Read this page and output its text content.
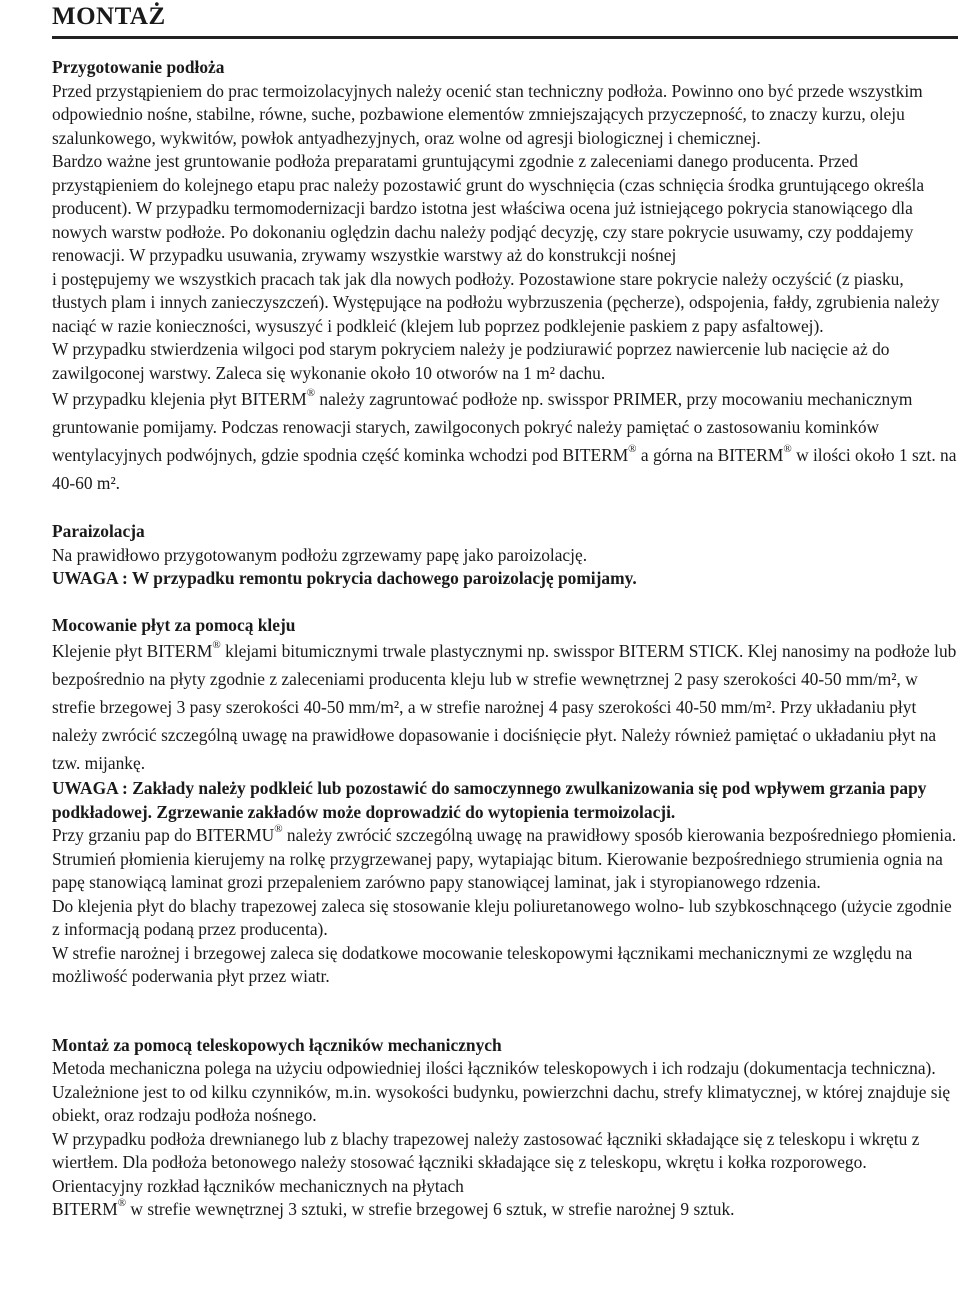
MONTAŻ
Przygotowanie podłoża

Przed przystąpieniem do prac termoizolacyjnych należy ocenić stan techniczny podłoża. Powinno ono być przede wszystkim odpowiednio nośne, stabilne, równe, suche, pozbawione elementów zmniejszających przyczepność, to znaczy kurzu, oleju szalunkowego, wykwitów, powłok antyadhezyjnych, oraz wolne od agresji biologicznej i chemicznej.

Bardzo ważne jest gruntowanie podłoża preparatami gruntującymi zgodnie z zaleceniami danego producenta. Przed przystąpieniem do kolejnego etapu prac należy pozostawić grunt do wyschnięcia (czas schnięcia środka gruntującego określa producent). W przypadku termomodernizacji bardzo istotna jest właściwa ocena już istniejącego pokrycia stanowiącego dla nowych warstw podłoże. Po dokonaniu oględzin dachu należy podjąć decyzję, czy stare pokrycie usuwamy, czy poddajemy renowacji. W przypadku usuwania, zrywamy wszystkie warstwy aż do konstrukcji nośnej

i postępujemy we wszystkich pracach tak jak dla nowych podłoży. Pozostawione stare pokrycie należy oczyścić (z piasku, tłustych plam i innych zanieczyszczeń). Występujące na podłożu wybrzuszenia (pęcherze), odspojenia, fałdy, zgrubienia należy naciąć w razie konieczności, wysuszyć i podkleić (klejem lub poprzez podklejenie paskiem z papy asfaltowej).

W przypadku stwierdzenia wilgoci pod starym pokryciem należy je podziurawić poprzez nawiercenie lub nacięcie aż do zawilgoconej warstwy. Zaleca się wykonanie około 10 otworów na 1 m² dachu.

W przypadku klejenia płyt BITERM® należy zagruntować podłoże np. swisspor PRIMER, przy mocowaniu mechanicznym gruntowanie pomijamy. Podczas renowacji starych, zawilgoconych pokryć należy pamiętać o zastosowaniu kominków wentylacyjnych podwójnych, gdzie spodnia część kominka wchodzi pod BITERM® a górna na BITERM® w ilości około 1 szt. na 40‑60 m².

Paraizolacja

Na prawidłowo przygotowanym podłożu zgrzewamy papę jako paroizolację.

UWAGA : W przypadku remontu pokrycia dachowego paroizolację pomijamy.

Mocowanie płyt za pomocą kleju

Klejenie płyt BITERM® klejami bitumicznymi trwale plastycznymi np. swisspor BITERM STICK. Klej nanosimy na podłoże lub bezpośrednio na płyty zgodnie z zaleceniami producenta kleju lub w strefie wewnętrznej 2 pasy szerokości 40‑50 mm/m², w strefie brzegowej 3 pasy szerokości 40‑50 mm/m², a w strefie narożnej 4 pasy szerokości 40‑50 mm/m². Przy układaniu płyt należy zwrócić szczególną uwagę na prawidłowe dopasowanie i dociśnięcie płyt. Należy również pamiętać o układaniu płyt na tzw. mijankę.

UWAGA : Zakłady należy podkleić lub pozostawić do samoczynnego zwulkanizowania się pod wpływem grzania papy podkładowej. Zgrzewanie zakładów może doprowadzić do wytopienia termoizolacji.

Przy grzaniu pap do BITERMU® należy zwrócić szczególną uwagę na prawidłowy sposób kierowania bezpośredniego płomienia. Strumień płomienia kierujemy na rolkę przygrzewanej papy, wytapiając bitum. Kierowanie bezpośredniego strumienia ognia na papę stanowiącą laminat grozi przepaleniem zarówno papy stanowiącej laminat, jak i styropianowego rdzenia.

Do klejenia płyt do blachy trapezowej zaleca się stosowanie kleju poliuretanowego wolno- lub szybkoschnącego (użycie zgodnie z informacją podaną przez producenta).

W strefie narożnej i brzegowej zaleca się dodatkowe mocowanie teleskopowymi łącznikami mechanicznymi ze względu na możliwość poderwania płyt przez wiatr.

Montaż za pomocą teleskopowych łączników mechanicznych

Metoda mechaniczna polega na użyciu odpowiedniej ilości łączników teleskopowych i ich rodzaju (dokumentacja techniczna). Uzależnione jest to od kilku czynników, m.in. wysokości budynku, powierzchni dachu, strefy klimatycznej, w której znajduje się obiekt, oraz rodzaju podłoża nośnego.

W przypadku podłoża drewnianego lub z blachy trapezowej należy zastosować łączniki składające się z teleskopu i wkrętu z wiertłem. Dla podłoża betonowego należy stosować łączniki składające się z teleskopu, wkrętu i kołka rozporowego. Orientacyjny rozkład łączników mechanicznych na płytach

BITERM® w strefie wewnętrznej 3 sztuki, w strefie brzegowej 6 sztuk, w strefie narożnej 9 sztuk.
